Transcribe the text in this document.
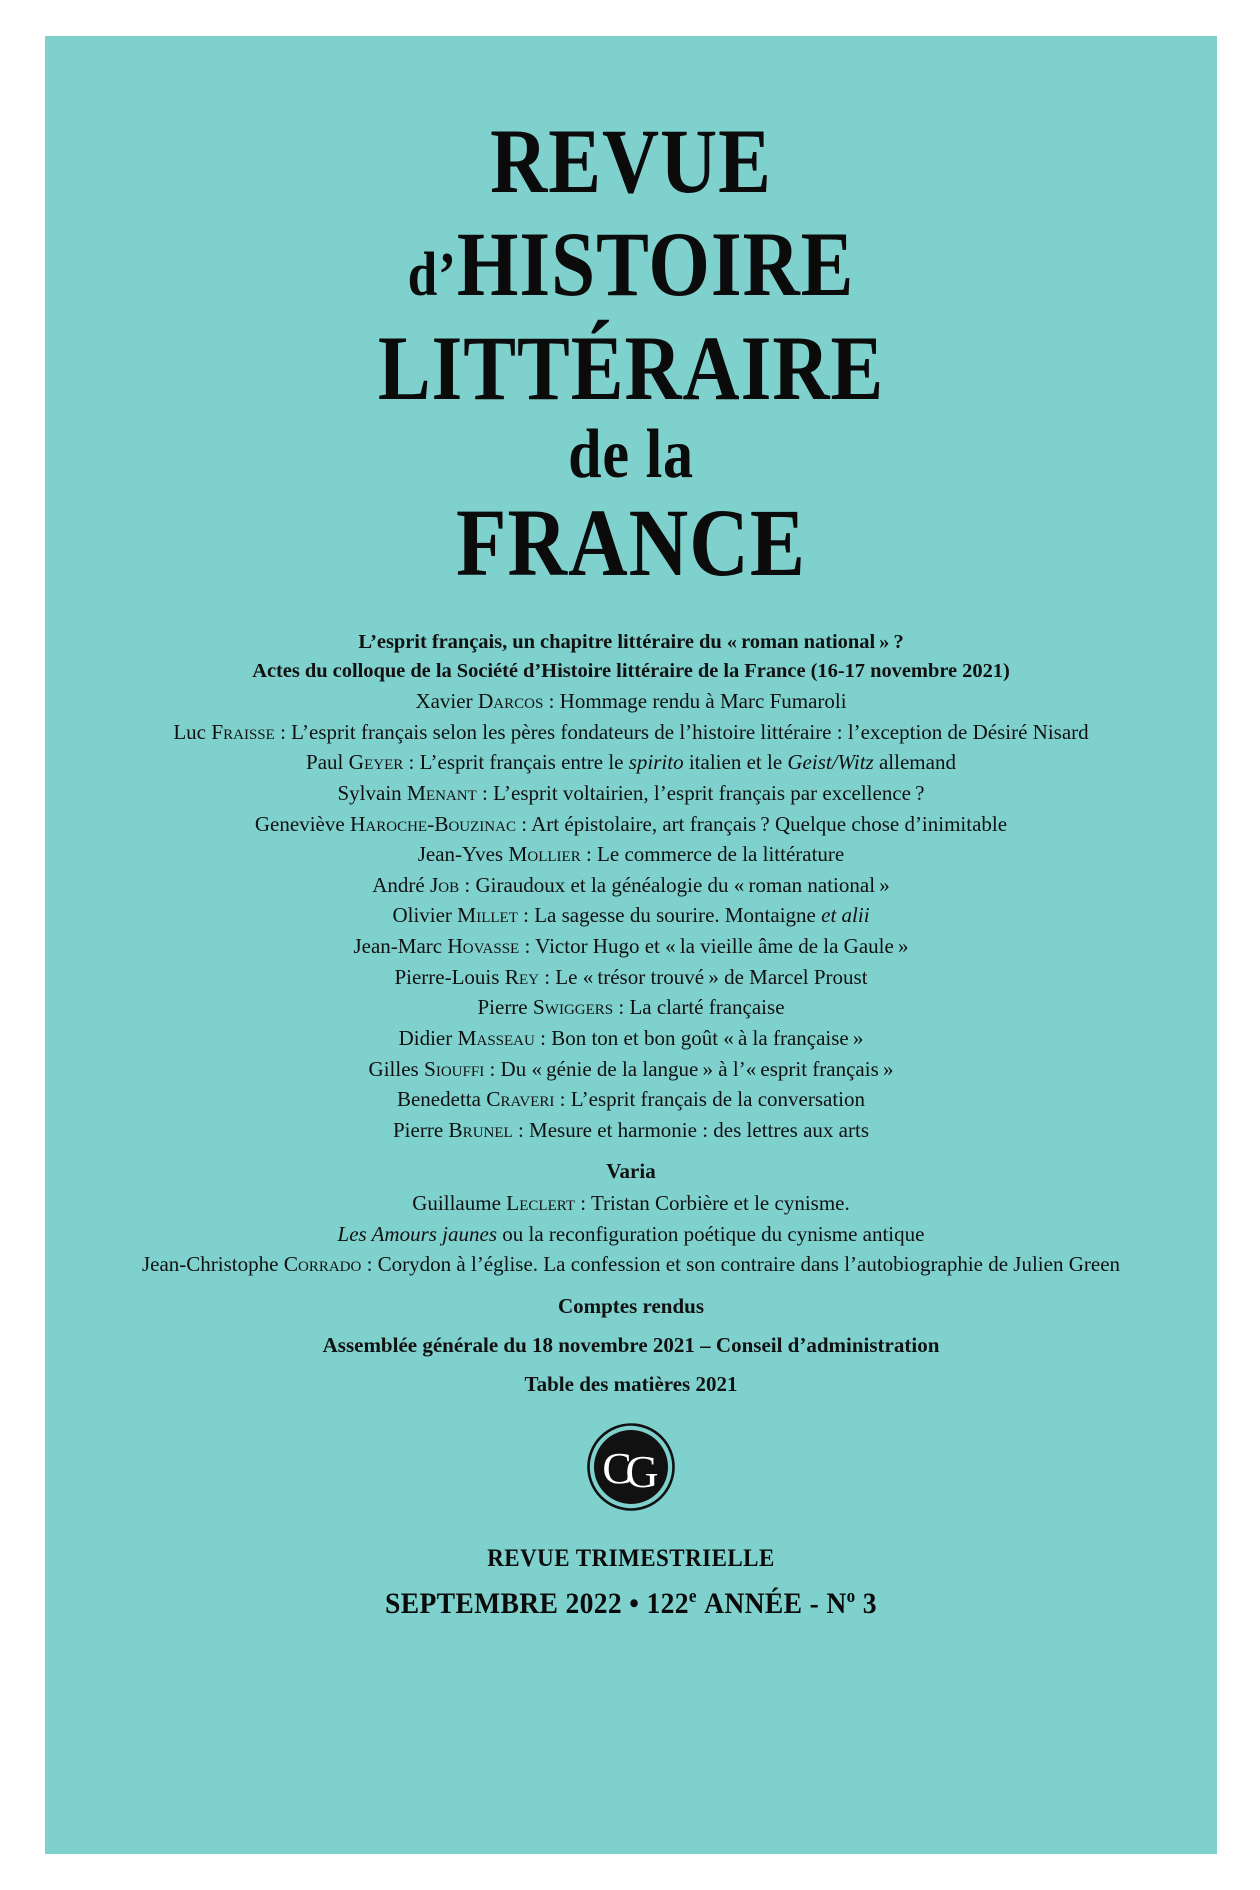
REVUE
d’HISTOIRE
LITTÉRAIRE
de la
FRANCE
L’esprit français, un chapitre littéraire du « roman national » ?
Actes du colloque de la Société d’Histoire littéraire de la France (16-17 novembre 2021)
Xavier Darcos : Hommage rendu à Marc Fumaroli
Luc Fraisse : L’esprit français selon les pères fondateurs de l’histoire littéraire : l’exception de Désiré Nisard
Paul Geyer : L’esprit français entre le spirito italien et le Geist/Witz allemand
Sylvain Menant : L’esprit voltairien, l’esprit français par excellence ?
Geneviève Haroche-Bouzinac : Art épistolaire, art français ? Quelque chose d’inimitable
Jean-Yves Mollier : Le commerce de la littérature
André Job : Giraudoux et la généalogie du « roman national »
Olivier Millet : La sagesse du sourire. Montaigne et alii
Jean-Marc Hovasse : Victor Hugo et « la vieille âme de la Gaule »
Pierre-Louis Rey : Le « trésor trouvé » de Marcel Proust
Pierre Swiggers : La clarté française
Didier Masseau : Bon ton et bon goût « à la française »
Gilles Siouffi : Du « génie de la langue » à l’« esprit français »
Benedetta Craveri : L’esprit français de la conversation
Pierre Brunel : Mesure et harmonie : des lettres aux arts
Varia
Guillaume Leclert : Tristan Corbière et le cynisme.
Les Amours jaunes ou la reconfiguration poétique du cynisme antique
Jean-Christophe Corrado : Corydon à l’église. La confession et son contraire dans l’autobiographie de Julien Green
Comptes rendus
Assemblée générale du 18 novembre 2021 – Conseil d’administration
Table des matières 2021
C
G
REVUE TRIMESTRIELLE
SEPTEMBRE 2022 • 122e ANNÉE - $N^o$ 3
